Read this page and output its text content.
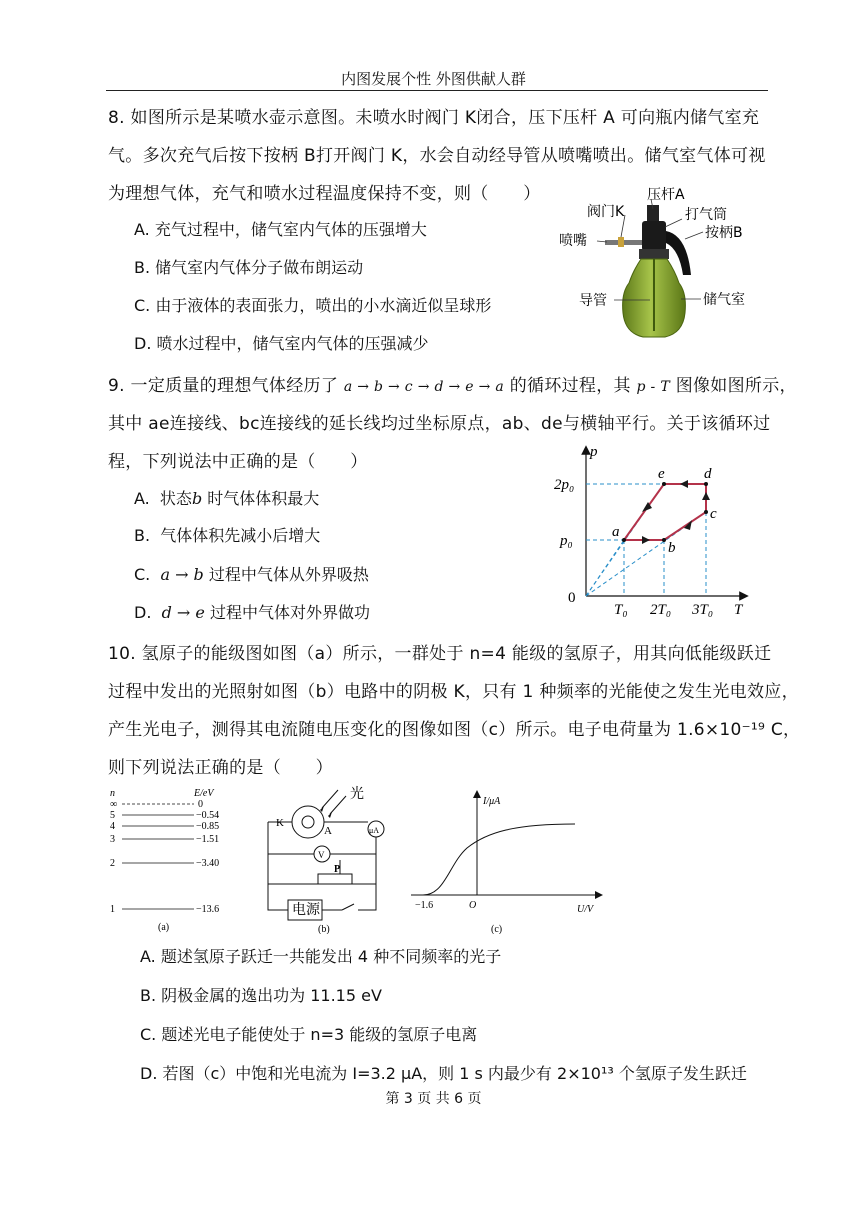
内图发展个性 外图供献人群
8. 如图所示是某喷水壶示意图。未喷水时阀门 K闭合，压下压杆 A 可向瓶内储气室充
气。多次充气后按下按柄 B打开阀门 K，水会自动经导管从喷嘴喷出。储气室气体可视
为理想气体，充气和喷水过程温度保持不变，则（　　）
A. 充气过程中，储气室内气体的压强增大
B. 储气室内气体分子做布朗运动
C. 由于液体的表面张力，喷出的小水滴近似呈球形
D. 喷水过程中，储气室内气体的压强减少
压杆A
阀门K	打气筒
喷嘴	按柄B
导管	储气室
9. 一定质量的理想气体经历了 a → b → c → d → e → a 的循环过程，其 p - T 图像如图所示，
其中 ae连接线、bc连接线的延长线均过坐标原点，ab、de与横轴平行。关于该循环过
程，下列说法中正确的是（　　）
A. 状态b 时气体体积最大
B. 气体体积先减小后增大
C. a → b 过程中气体从外界吸热
D. d → e 过程中气体对外界做功
a
b
c
d
e
p
T
0
2p₀
p₀
T₀ 2T₀ 3T₀
10. 氢原子的能级图如图（a）所示，一群处于 n=4 能级的氢原子，用其向低能级跃迁
过程中发出的光照射如图（b）电路中的阴极 K，只有 1 种频率的光能使之发生光电效应，
产生光电子，测得其电流随电压变化的图像如图（c）所示。电子电荷量为 1.6×10⁻¹⁹ C，
则下列说法正确的是（　　）
n	E/eV
∞	0
5	−0.54
4	−0.85
3	−1.51
2	−3.40
1	−13.6
(a)
光
K
A	μA
V
P
电源
(b)
I/μA
U/V
O
−1.6
(c)
A. 题述氢原子跃迁一共能发出 4 种不同频率的光子
B. 阴极金属的逸出功为 11.15 eV
C. 题述光电子能使处于 n=3 能级的氢原子电离
D. 若图（c）中饱和光电流为 I=3.2 μA，则 1 s 内最少有 2×10¹³ 个氢原子发生跃迁
第 3 页 共 6 页
